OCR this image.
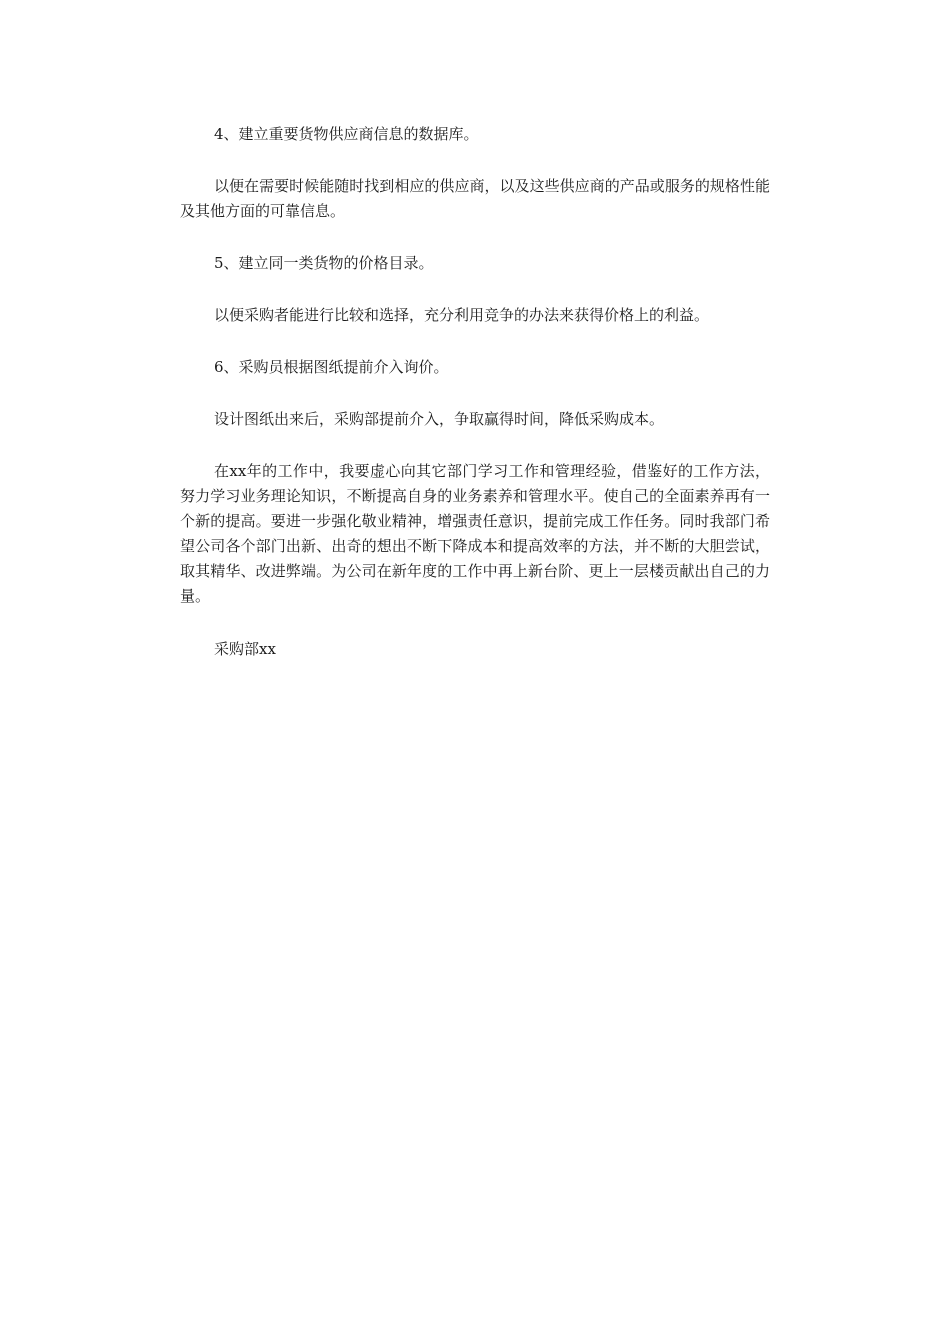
4、建立重要货物供应商信息的数据库。

以便在需要时候能随时找到相应的供应商，以及这些供应商的产品或服务的规格性能及其他方面的可靠信息。

5、建立同一类货物的价格目录。

以便采购者能进行比较和选择，充分利用竞争的办法来获得价格上的利益。

6、采购员根据图纸提前介入询价。

设计图纸出来后，采购部提前介入，争取赢得时间，降低采购成本。

在xx年的工作中，我要虚心向其它部门学习工作和管理经验，借鉴好的工作方法，努力学习业务理论知识，不断提高自身的业务素养和管理水平。使自己的全面素养再有一个新的提高。要进一步强化敬业精神，增强责任意识，提前完成工作任务。同时我部门希望公司各个部门出新、出奇的想出不断下降成本和提高效率的方法，并不断的大胆尝试，取其精华、改进弊端。为公司在新年度的工作中再上新台阶、更上一层楼贡献出自己的力量。

采购部xx
